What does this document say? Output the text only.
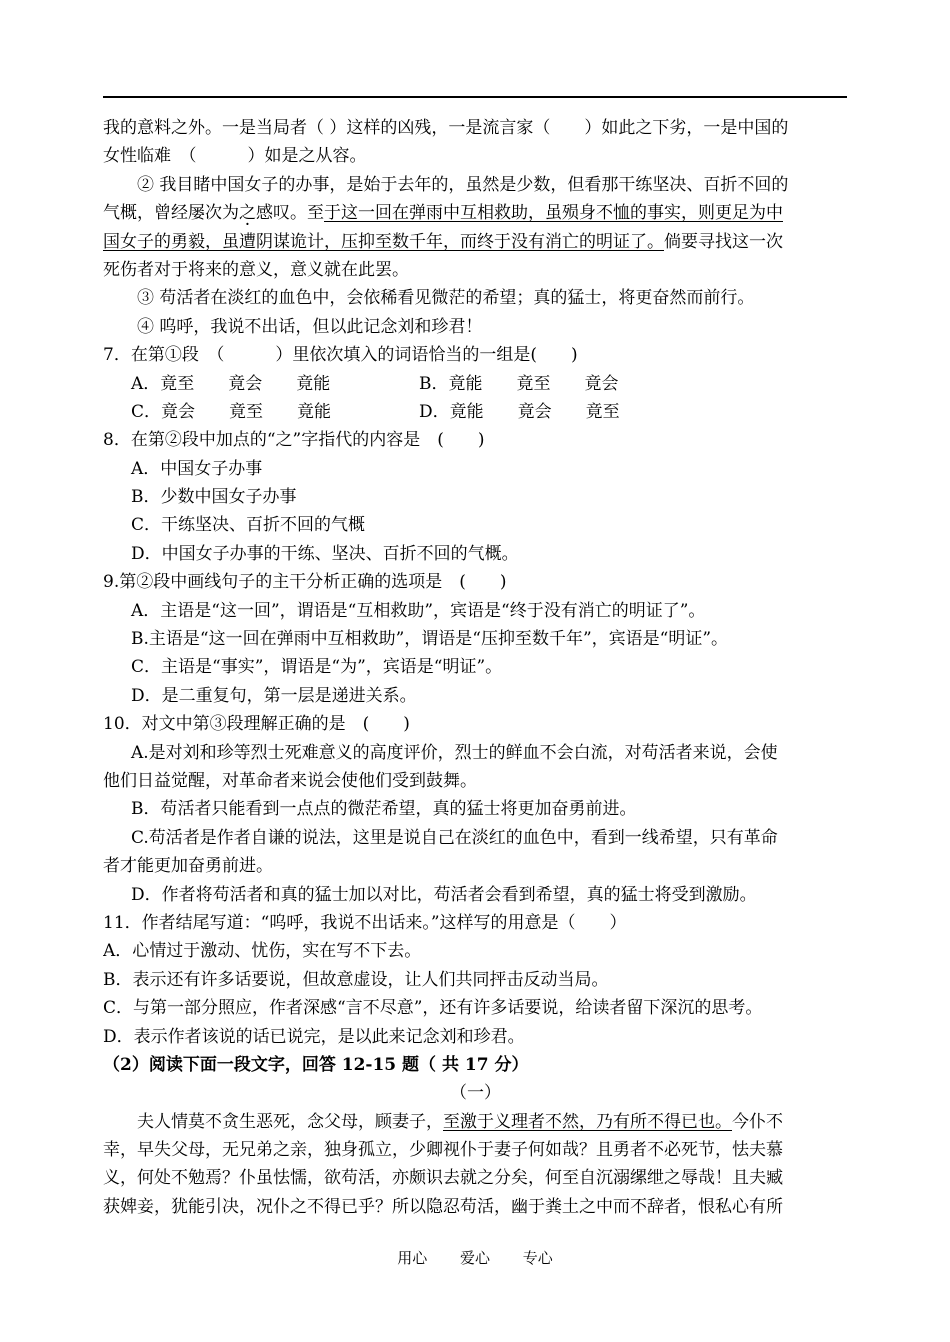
我的意料之外。一是当局者（ ）这样的凶残，一是流言家（　　）如此之下劣，一是中国的
女性临难　（　　　）如是之从容。
② 我目睹中国女子的办事，是始于去年的，虽然是少数，但看那干练坚决、百折不回的
气概，曾经屡次为之感叹。至于这一回在弹雨中互相救助，虽殒身不恤的事实，则更足为中
国女子的勇毅，虽遭阴谋诡计，压抑至数千年，而终于没有消亡的明证了。倘要寻找这一次
死伤者对于将来的意义，意义就在此罢。
③ 苟活者在淡红的血色中，会依稀看见微茫的希望；真的猛士，将更奋然而前行。
④ 呜呼，我说不出话，但以此记念刘和珍君！
7．在第①段　（　　　）里依次填入的词语恰当的一组是(　　)
A．竟至　　竟会　　竟能	B．竟能　　竟至　　竟会
C．竟会　　竟至　　竟能	D．竟能　　竟会　　竟至
8．在第②段中加点的“之”字指代的内容是　(　　)
A．中国女子办事
B．少数中国女子办事
C．干练坚决、百折不回的气概
D．中国女子办事的干练、坚决、百折不回的气概。
9.第②段中画线句子的主干分析正确的选项是　(　　)
A．主语是“这一回”，谓语是“互相救助”，宾语是“终于没有消亡的明证了”。
B.主语是“这一回在弹雨中互相救助”，谓语是“压抑至数千年”，宾语是“明证”。
C．主语是“事实”，谓语是“为”，宾语是“明证”。
D．是二重复句，第一层是递进关系。
10．对文中第③段理解正确的是　(　　)
A.是对刘和珍等烈士死难意义的高度评价，烈士的鲜血不会白流，对苟活者来说，会使
他们日益觉醒，对革命者来说会使他们受到鼓舞。
B．苟活者只能看到一点点的微茫希望，真的猛士将更加奋勇前进。
C.苟活者是作者自谦的说法，这里是说自己在淡红的血色中，看到一线希望，只有革命
者才能更加奋勇前进。
D．作者将苟活者和真的猛士加以对比，苟活者会看到希望，真的猛士将受到激励。
11．作者结尾写道：“呜呼，我说不出话来。”这样写的用意是（　　）
A．心情过于激动、忧伤，实在写不下去。
B．表示还有许多话要说，但故意虚设，让人们共同抨击反动当局。
C．与第一部分照应，作者深感“言不尽意”，还有许多话要说，给读者留下深沉的思考。
D．表示作者该说的话已说完，是以此来记念刘和珍君。
（2）阅读下面一段文字，回答 12-15 题（ 共 17 分）
（一）
夫人情莫不贪生恶死，念父母，顾妻子，至激于义理者不然，乃有所不得已也。今仆不
幸，早失父母，无兄弟之亲，独身孤立，少卿视仆于妻子何如哉？且勇者不必死节，怯夫慕
义，何处不勉焉？仆虽怯懦，欲苟活，亦颇识去就之分矣，何至自沉溺缧绁之辱哉！且夫臧
获婢妾，犹能引决，况仆之不得已乎？所以隐忍苟活，幽于粪土之中而不辞者，恨私心有所
用心 爱心 专心
